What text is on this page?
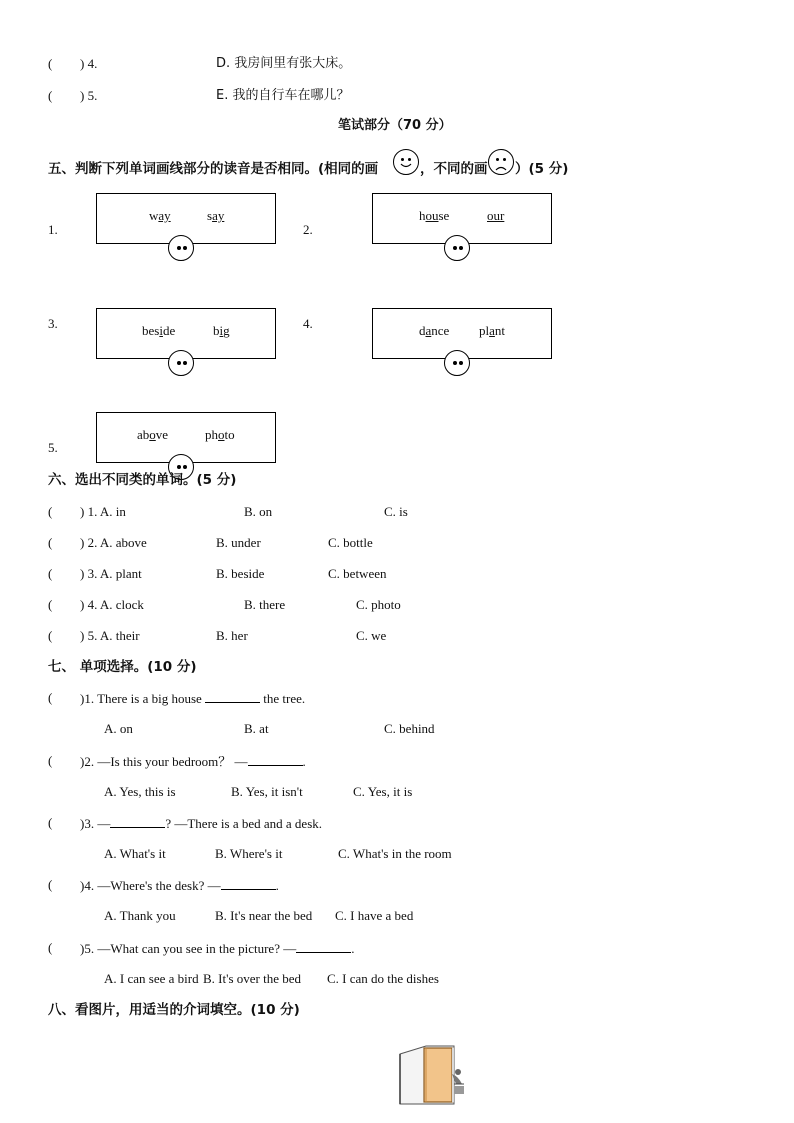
( ) 4.	D. 我房间里有张大床。
( ) 5.	E. 我的自行车在哪儿？
笔试部分（70 分）
五、判断下列单词画线部分的读音是否相同。(相同的画	，不同的画 ）(5 分)
1.
way	say
2.
house	our
3.	beside	big	4.	dance plant
5.
above	photo
六、选出不同类的单词。(5 分)
( ) 1. A. in	B. on	C. is
( ) 2. A. above	B. under	C. bottle
( ) 3. A. plant	B. beside	C. between
( ) 4. A. clock	B. there	C. photo
( ) 5. A. their	B. her	C. we
七、 单项选择。(10 分)
( )1. There is a big house	the tree.
A. on	B. at	C. behind
( )2. —Is this your bedroom？ —	.
A. Yes, this is	B. Yes, it isn't	C. Yes, it is
( )3. —	? —There is a bed and a desk.
A. What's it	B. Where's it	C. What's in the room
( )4. —Where's the desk? —	.
A. Thank you	B. It's near the bed C. I have a bed
( )5. —What can you see in the picture? —	.
A. I can see a bird B. It's over the bed C. I can do the dishes
八、看图片，用适当的介词填空。(10 分)
